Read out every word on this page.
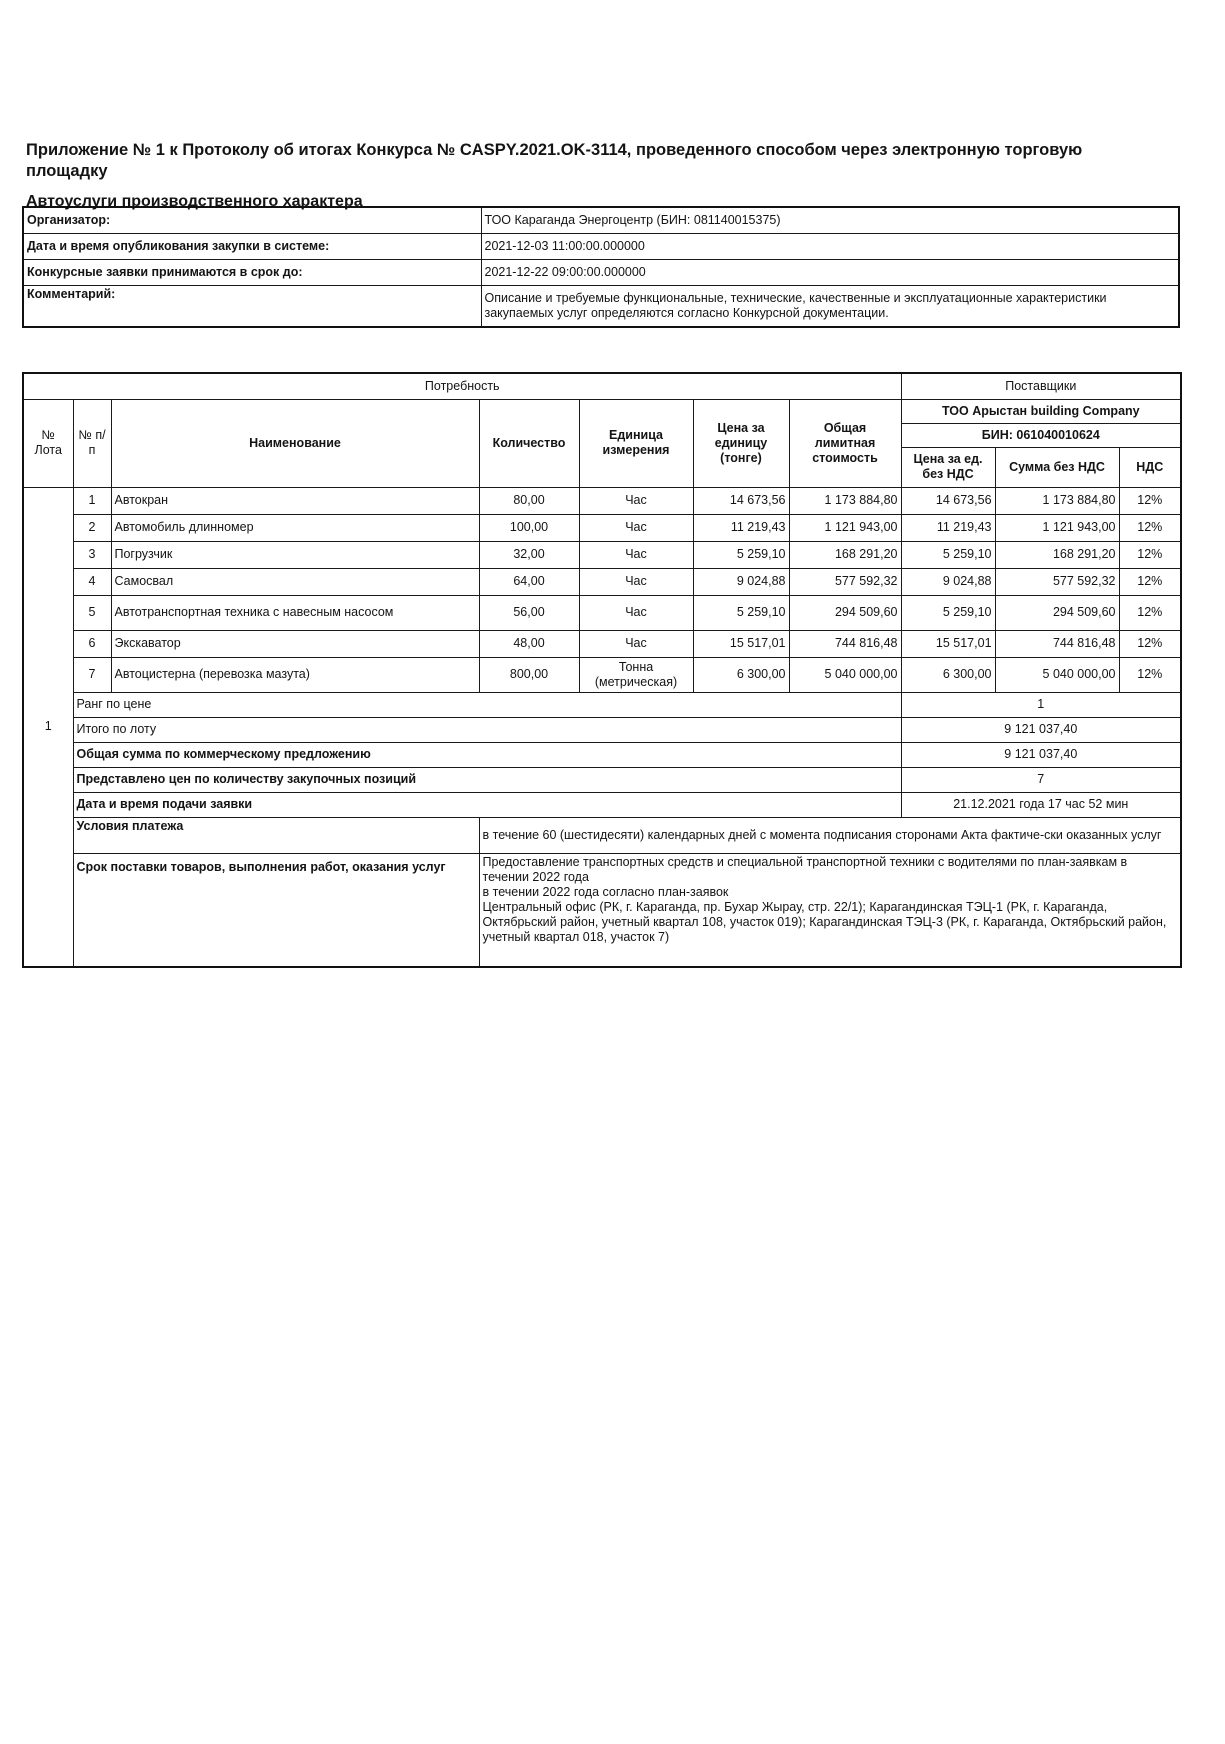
Приложение № 1 к Протоколу об итогах Конкурса № CASPY.2021.OK-3114, проведенного способом через электронную торговую площадку
Автоуслуги производственного характера
Организатор:	ТОО Караганда Энергоцентр (БИН: 081140015375)
Дата и время опубликования закупки в системе:	2021-12-03 11:00:00.000000
Конкурсные заявки принимаются в срок до:	2021-12-22 09:00:00.000000
Комментарий:	Описание и требуемые функциональные, технические, качественные и эксплуатационные характеристики закупаемых услуг определяются согласно Конкурсной документации.
Потребность							Поставщики		
№ Лота	№ п/п	Наименование	Количество	Единица измерения	Цена за единицу (тонге)	Общая лимитная стоимость	ТОО Арыстан building Company		
							БИН: 061040010624		
							Цена за ед. без НДС	Сумма без НДС	НДС
1	1	Автокран	80,00	Час	14 673,56	1 173 884,80	14 673,56	1 173 884,80	12%
	2	Автомобиль длинномер	100,00	Час	11 219,43	1 121 943,00	11 219,43	1 121 943,00	12%
	3	Погрузчик	32,00	Час	5 259,10	168 291,20	5 259,10	168 291,20	12%
	4	Самосвал	64,00	Час	9 024,88	577 592,32	9 024,88	577 592,32	12%
	5	Автотранспортная техника с навесным насосом	56,00	Час	5 259,10	294 509,60	5 259,10	294 509,60	12%
	6	Экскаватор	48,00	Час	15 517,01	744 816,48	15 517,01	744 816,48	12%
	7	Автоцистерна (перевозка мазута)	800,00	Тонна (метрическая)	6 300,00	5 040 000,00	6 300,00	5 040 000,00	12%
	Ранг по цене						1		
	Итого по лоту						9 121 037,40		
	Общая сумма по коммерческому предложению						9 121 037,40		
	Представлено цен по количеству закупочных позиций						7		
	Дата и время подачи заявки						21.12.2021 года 17 час 52 мин		
	Условия платежа		в течение 60 (шестидесяти) календарных дней с момента подписания сторонами Акта фактиче-ски оказанных услуг						
	Срок поставки товаров, выполнения работ, оказания услуг		Предоставление транспортных средств и специальной транспортной техники с водителями по план-заявкам в течении 2022 года
в течении 2022 года согласно план-заявок
Центральный офис (РК, г. Караганда, пр. Бухар Жырау, стр. 22/1); Карагандинская ТЭЦ-1 (РК, г. Караганда, Октябрьский район, учетный квартал 108, участок 019); Карагандинская ТЭЦ-3 (РК, г. Караганда, Октябрьский район, учетный квартал 018, участок 7)						
